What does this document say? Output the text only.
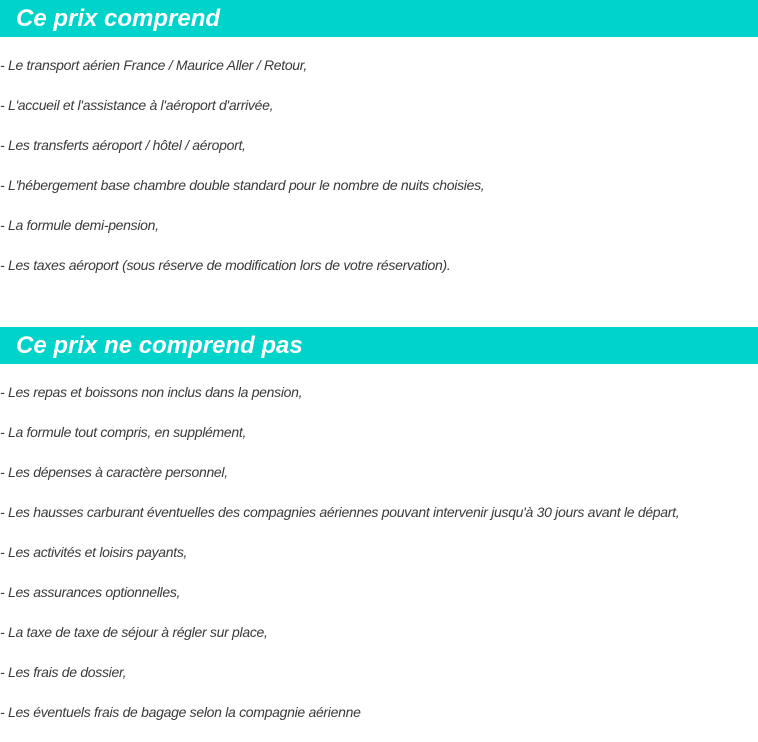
Ce prix comprend
- Le transport aérien France / Maurice Aller / Retour,
- L'accueil et l'assistance à l'aéroport d'arrivée,
- Les transferts aéroport / hôtel / aéroport,
- L'hébergement base chambre double standard pour le nombre de nuits choisies,
- La formule demi-pension,
- Les taxes aéroport (sous réserve de modification lors de votre réservation).
Ce prix ne comprend pas
- Les repas et boissons non inclus dans la pension,
- La formule tout compris, en supplément,
- Les dépenses à caractère personnel,
- Les hausses carburant éventuelles des compagnies aériennes pouvant intervenir jusqu'à 30 jours avant le départ,
- Les activités et loisirs payants,
- Les assurances optionnelles,
- La taxe de taxe de séjour à régler sur place,
- Les frais de dossier,
- Les éventuels frais de bagage selon la compagnie aérienne
